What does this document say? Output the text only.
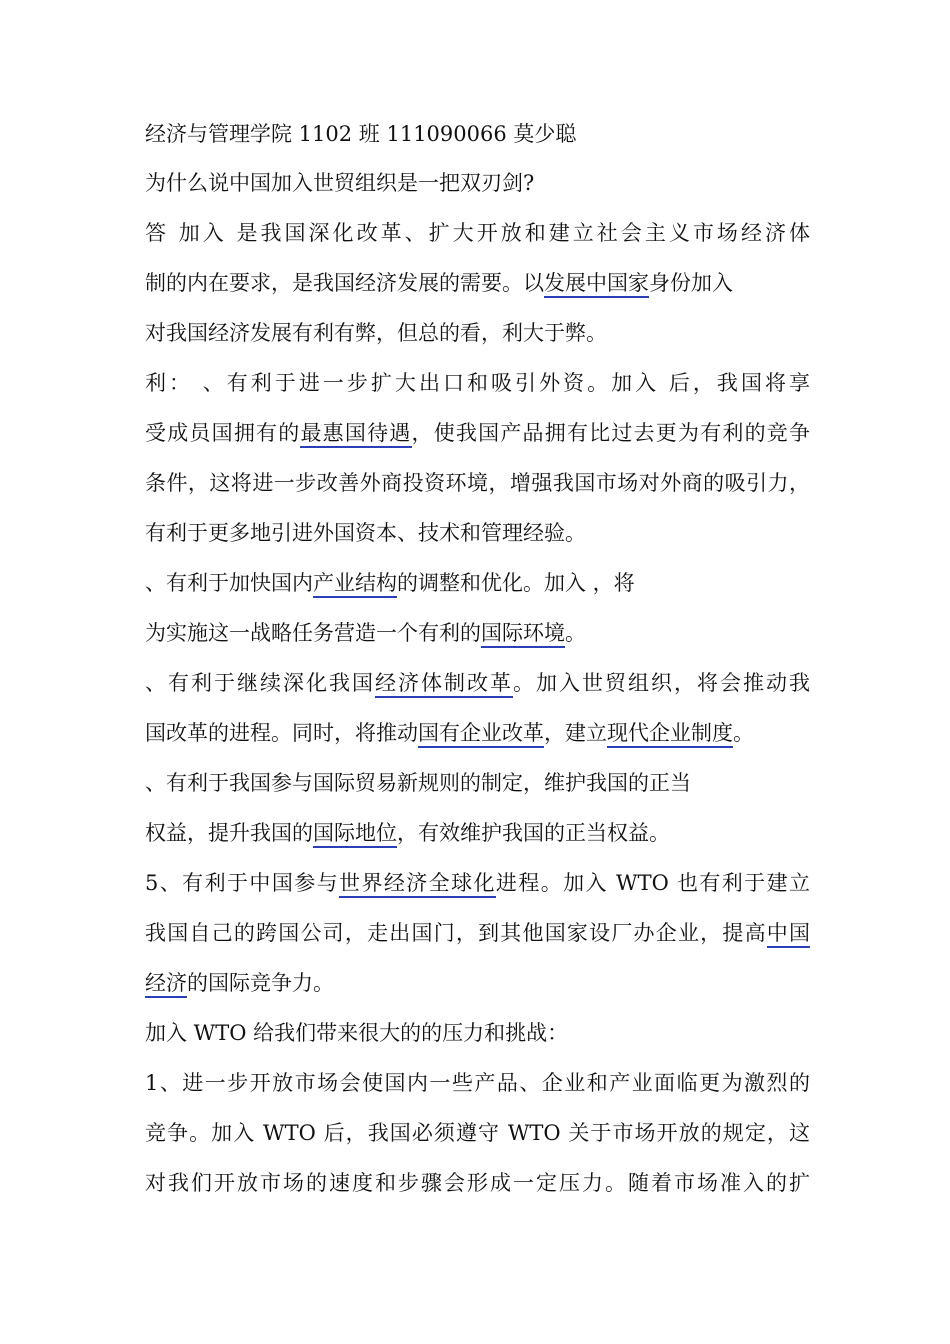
经济与管理学院 1102 班 111090066 莫少聪
为什么说中国加入世贸组织是一把双刃剑?
答 加入 是我国深化改革、扩大开放和建立社会主义市场经济体
制的内在要求，是我国经济发展的需要。以发展中国家身份加入
对我国经济发展有利有弊，但总的看，利大于弊。
利： 、有利于进一步扩大出口和吸引外资。加入 后，我国将享
受成员国拥有的最惠国待遇，使我国产品拥有比过去更为有利的竞争
条件，这将进一步改善外商投资环境，增强我国市场对外商的吸引力，
有利于更多地引进外国资本、技术和管理经验。
、有利于加快国内产业结构的调整和优化。加入 ，将
为实施这一战略任务营造一个有利的国际环境。
、有利于继续深化我国经济体制改革。加入世贸组织，将会推动我
国改革的进程。同时，将推动国有企业改革，建立现代企业制度。
、有利于我国参与国际贸易新规则的制定，维护我国的正当
权益，提升我国的国际地位，有效维护我国的正当权益。
5、有利于中国参与世界经济全球化进程。加入 WTO 也有利于建立
我国自己的跨国公司，走出国门，到其他国家设厂办企业，提高中国
经济的国际竞争力。
加入 WTO 给我们带来很大的的压力和挑战：
1、进一步开放市场会使国内一些产品、企业和产业面临更为激烈的
竞争。加入 WTO 后，我国必须遵守 WTO 关于市场开放的规定，这
对我们开放市场的速度和步骤会形成一定压力。随着市场准入的扩
